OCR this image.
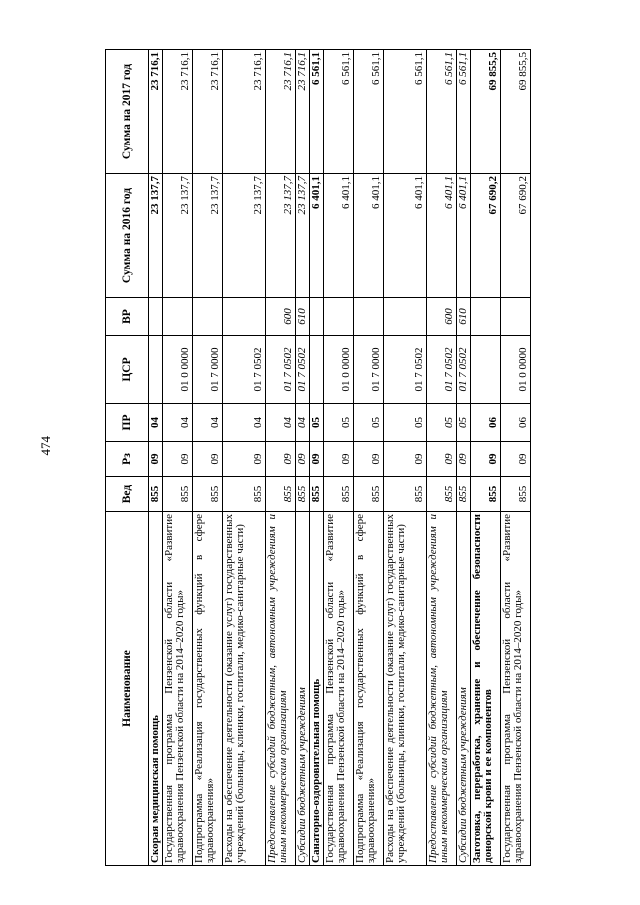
474
Наименование	Вед	Рз	ПР	ЦСР	ВР	Сумма на 2016 год	Сумма на 2017 год
Скорая медицинская помощь	855	09	04			23 137,7	23 716,1
Государственная программа Пензенской области «Развитие здравоохранения Пензенской области на 2014–2020 годы»	855	09	04	01 0 0000		23 137,7	23 716,1
Подпрограмма «Реализация государственных функций в сфере здравоохранения»	855	09	04	01 7 0000		23 137,7	23 716,1
Расходы на обеспечение деятельности (оказание услуг) государственных учреждений (больницы, клиники, госпитали, медико-санитарные части)	855	09	04	01 7 0502		23 137,7	23 716,1
Предоставление субсидий бюджетным, автономным учреждениям и иным некоммерческим организациям	855	09	04	01 7 0502	600	23 137,7	23 716,1
Субсидии бюджетным учреждениям	855	09	04	01 7 0502	610	23 137,7	23 716,1
Санаторно-оздоровительная помощь	855	09	05			6 401,1	6 561,1
Государственная программа Пензенской области «Развитие здравоохранения Пензенской области на 2014–2020 годы»	855	09	05	01 0 0000		6 401,1	6 561,1
Подпрограмма «Реализация государственных функций в сфере здравоохранения»	855	09	05	01 7 0000		6 401,1	6 561,1
Расходы на обеспечение деятельности (оказание услуг) государственных учреждений (больницы, клиники, госпитали, медико-санитарные части)	855	09	05	01 7 0502		6 401,1	6 561,1
Предоставление субсидий бюджетным, автономным учреждениям и иным некоммерческим организациям	855	09	05	01 7 0502	600	6 401,1	6 561,1
Субсидии бюджетным учреждениям	855	09	05	01 7 0502	610	6 401,1	6 561,1
Заготовка, переработка, хранение и обеспечение безопасности донорской крови и ее компонентов	855	09	06			67 690,2	69 855,5
Государственная программа Пензенской области «Развитие здравоохранения Пензенской области на 2014–2020 годы»	855	09	06	01 0 0000		67 690,2	69 855,5
